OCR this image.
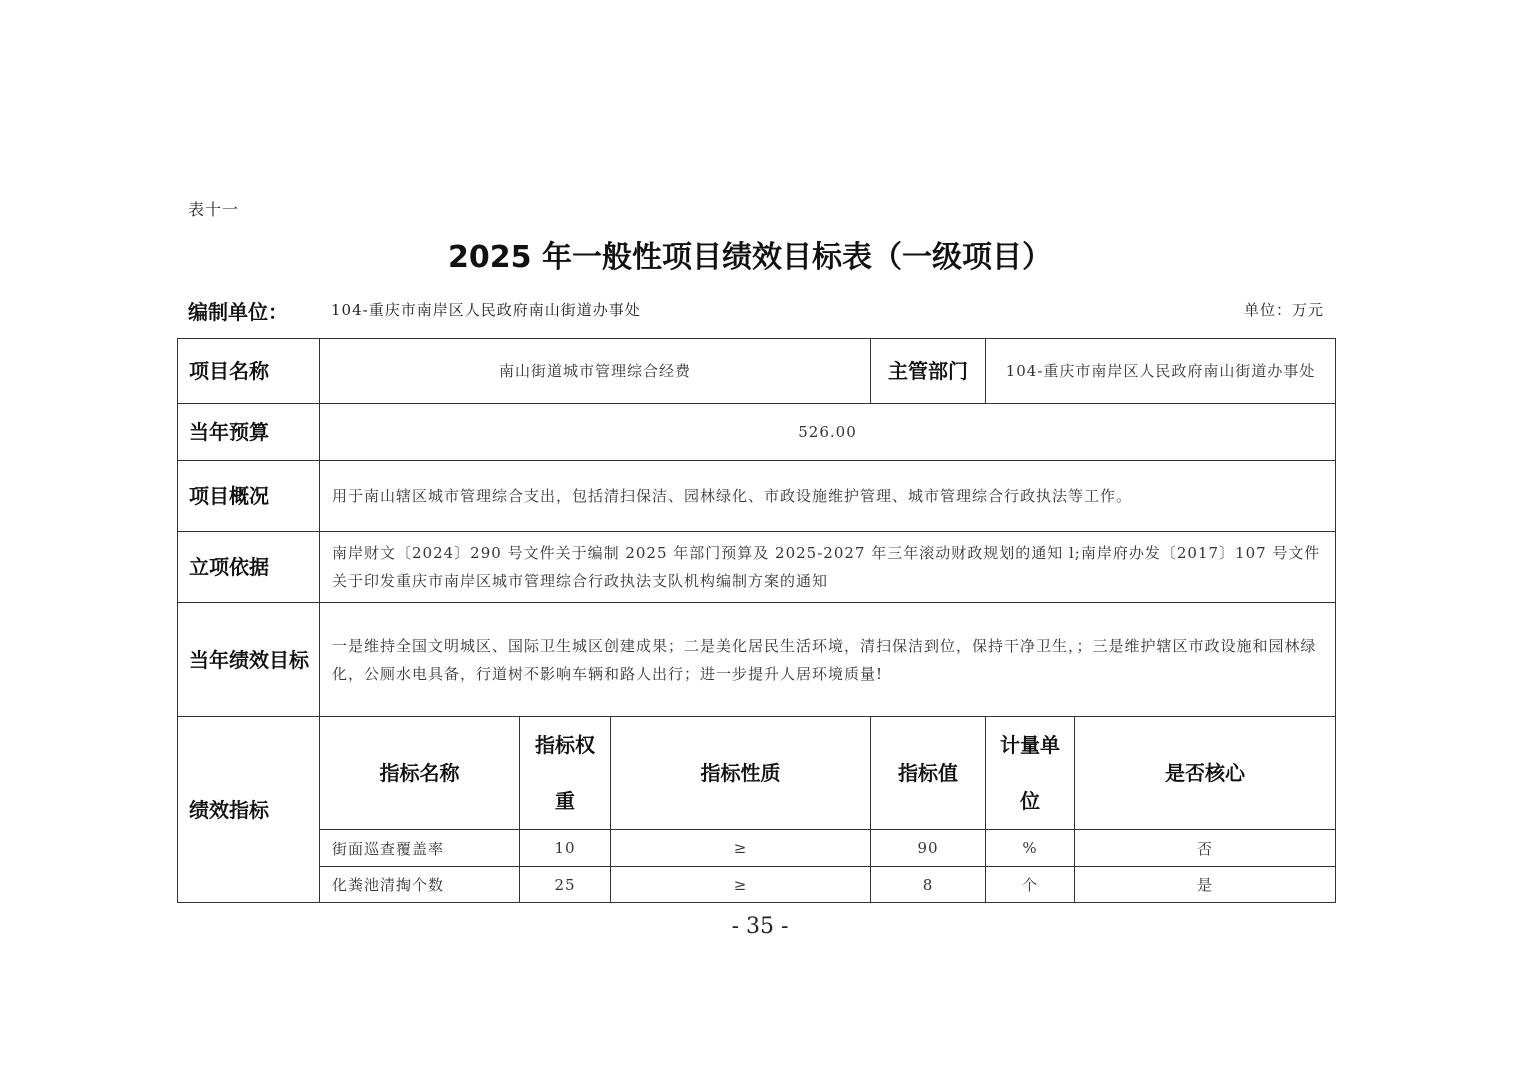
表十一
2025 年一般性项目绩效目标表（一级项目）
编制单位：	104-重庆市南岸区人民政府南山街道办事处	单位：万元
项目名称	南山街道城市管理综合经费			主管部门	104-重庆市南岸区人民政府南山街道办事处	
当年预算	526.00					
项目概况	用于南山辖区城市管理综合支出，包括清扫保洁、园林绿化、市政设施维护管理、城市管理综合行政执法等工作。					
立项依据	南岸财文〔2024〕290 号文件关于编制 2025 年部门预算及 2025-2027 年三年滚动财政规划的通知 l;南岸府办发〔2017〕107 号文件关于印发重庆市南岸区城市管理综合行政执法支队机构编制方案的通知					
当年绩效目标	一是维持全国文明城区、国际卫生城区创建成果；二是美化居民生活环境，清扫保洁到位，保持干净卫生，；三是维护辖区市政设施和园林绿化，公厕水电具备，行道树不影响车辆和路人出行；进一步提升人居环境质量!					
绩效指标	指标名称	指标权重	指标性质	指标值	计量单位	是否核心
	街面巡查覆盖率	10	≥	90	%	否
	化粪池清掏个数	25	≥	8	个	是
- 35 -
